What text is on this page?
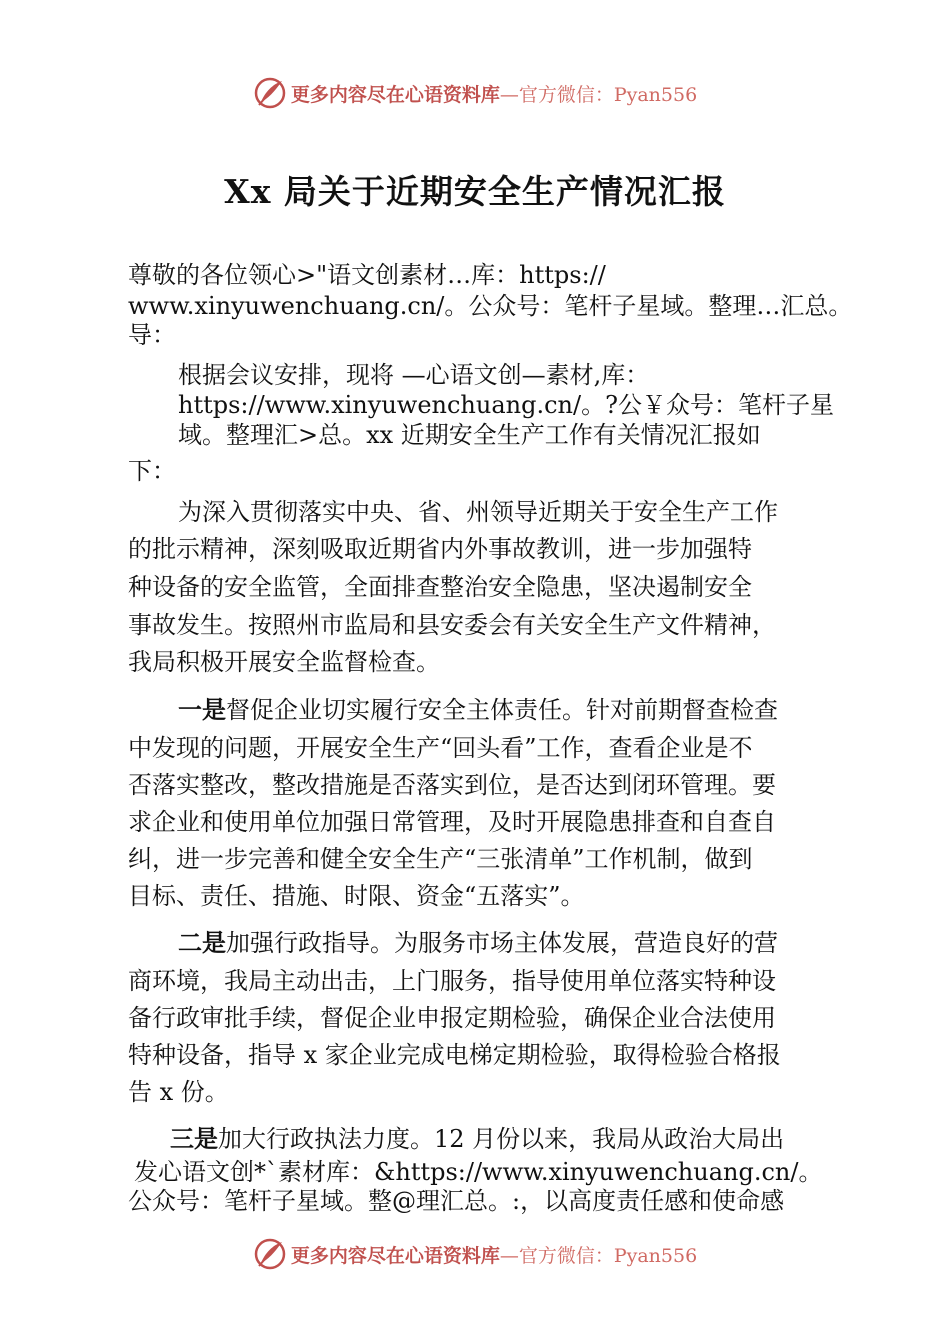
更多内容尽在心语资料库—官方微信：Pyan556
Xx 局关于近期安全生产情况汇报
尊敬的各位领心>"语文创素材…库：https://
www.xinyuwenchuang.cn/。公众号：笔杆子星域。整理…汇总。
导：
根据会议安排，现将 —心语文创—素材,库：
https://www.xinyuwenchuang.cn/。?公￥众号：笔杆子星
域。整理汇>总。xx 近期安全生产工作有关情况汇报如
下：
为深入贯彻落实中央、省、州领导近期关于安全生产工作
的批示精神，深刻吸取近期省内外事故教训，进一步加强特
种设备的安全监管，全面排查整治安全隐患，坚决遏制安全
事故发生。按照州市监局和县安委会有关安全生产文件精神，
我局积极开展安全监督检查。
一是督促企业切实履行安全主体责任。针对前期督查检查
中发现的问题，开展安全生产“回头看”工作，查看企业是不
否落实整改，整改措施是否落实到位，是否达到闭环管理。要
求企业和使用单位加强日常管理，及时开展隐患排查和自查自
纠，进一步完善和健全安全生产“三张清单”工作机制，做到
目标、责任、措施、时限、资金“五落实”。
二是加强行政指导。为服务市场主体发展，营造良好的营
商环境，我局主动出击，上门服务，指导使用单位落实特种设
备行政审批手续，督促企业申报定期检验，确保企业合法使用
特种设备，指导 x 家企业完成电梯定期检验，取得检验合格报
告 x 份。
三是加大行政执法力度。12 月份以来，我局从政治大局出
发心语文创*`素材库：&https://www.xinyuwenchuang.cn/。
公众号：笔杆子星域。整@理汇总。:，以高度责任感和使命感
更多内容尽在心语资料库—官方微信：Pyan556
